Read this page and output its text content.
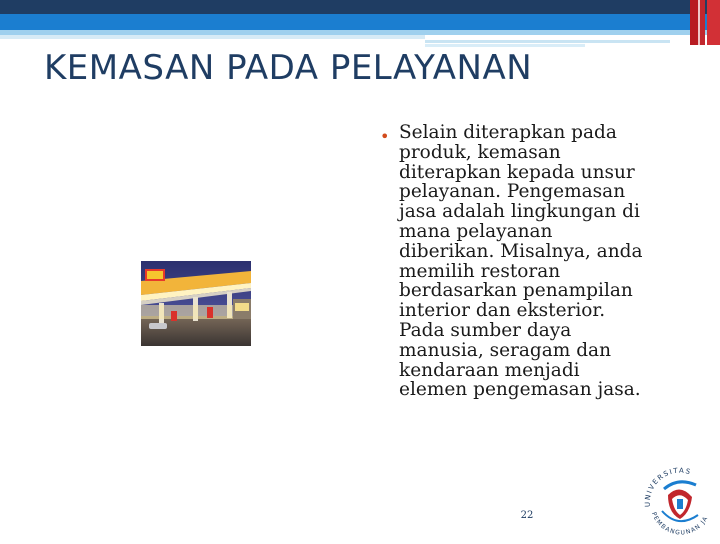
KEMASAN PADA PELAYANAN
• Selain diterapkan pada
produk, kemasan
diterapkan kepada unsur
pelayanan. Pengemasan
jasa adalah lingkungan di
mana pelayanan
diberikan. Misalnya, anda
memilih restoran
berdasarkan penampilan
interior dan eksterior.
Pada sumber daya
manusia, seragam dan
kendaraan menjadi
elemen pengemasan jasa.
22
UNIVERSITAS
PEMBANGUNAN JA
